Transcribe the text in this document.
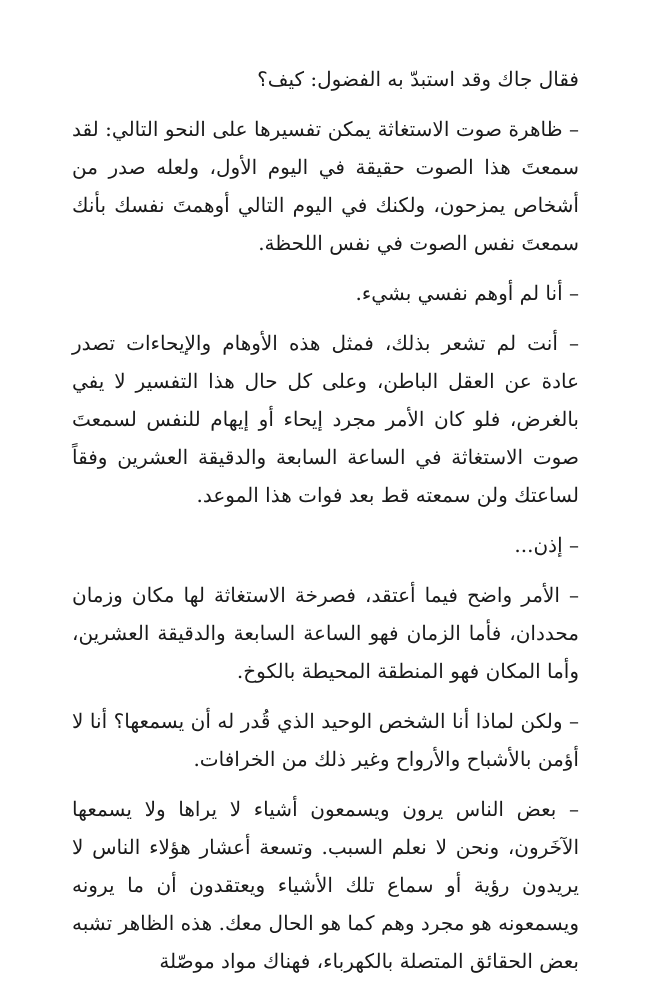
فقال جاك وقد استبدّ به الفضول: كيف؟

– ظاهرة صوت الاستغاثة يمكن تفسيرها على النحو التالي: لقد سمعتَ هذا الصوت حقيقة في اليوم الأول، ولعله صدر من أشخاص يمزحون، ولكنك في اليوم التالي أوهمتَ نفسك بأنك سمعتَ نفس الصوت في نفس اللحظة.

– أنا لم أوهم نفسي بشيء.

– أنت لم تشعر بذلك، فمثل هذه الأوهام والإيحاءات تصدر عادة عن العقل الباطن، وعلى كل حال هذا التفسير لا يفي بالغرض، فلو كان الأمر مجرد إيحاء أو إيهام للنفس لسمعتَ صوت الاستغاثة في الساعة السابعة والدقيقة العشرين وفقاً لساعتك ولن سمعته قط بعد فوات هذا الموعد.

– إذن...

– الأمر واضح فيما أعتقد، فصرخة الاستغاثة لها مكان وزمان محددان، فأما الزمان فهو الساعة السابعة والدقيقة العشرين، وأما المكان فهو المنطقة المحيطة بالكوخ.

– ولكن لماذا أنا الشخص الوحيد الذي قُدر له أن يسمعها؟ أنا لا أؤمن بالأشباح والأرواح وغير ذلك من الخرافات.

– بعض الناس يرون ويسمعون أشياء لا يراها ولا يسمعها الآخَرون، ونحن لا نعلم السبب. وتسعة أعشار هؤلاء الناس لا يريدون رؤية أو سماع تلك الأشياء ويعتقدون أن ما يرونه ويسمعونه هو مجرد وهم كما هو الحال معك. هذه الظاهر تشبه بعض الحقائق المتصلة بالكهرباء، فهناك مواد موصّلة
